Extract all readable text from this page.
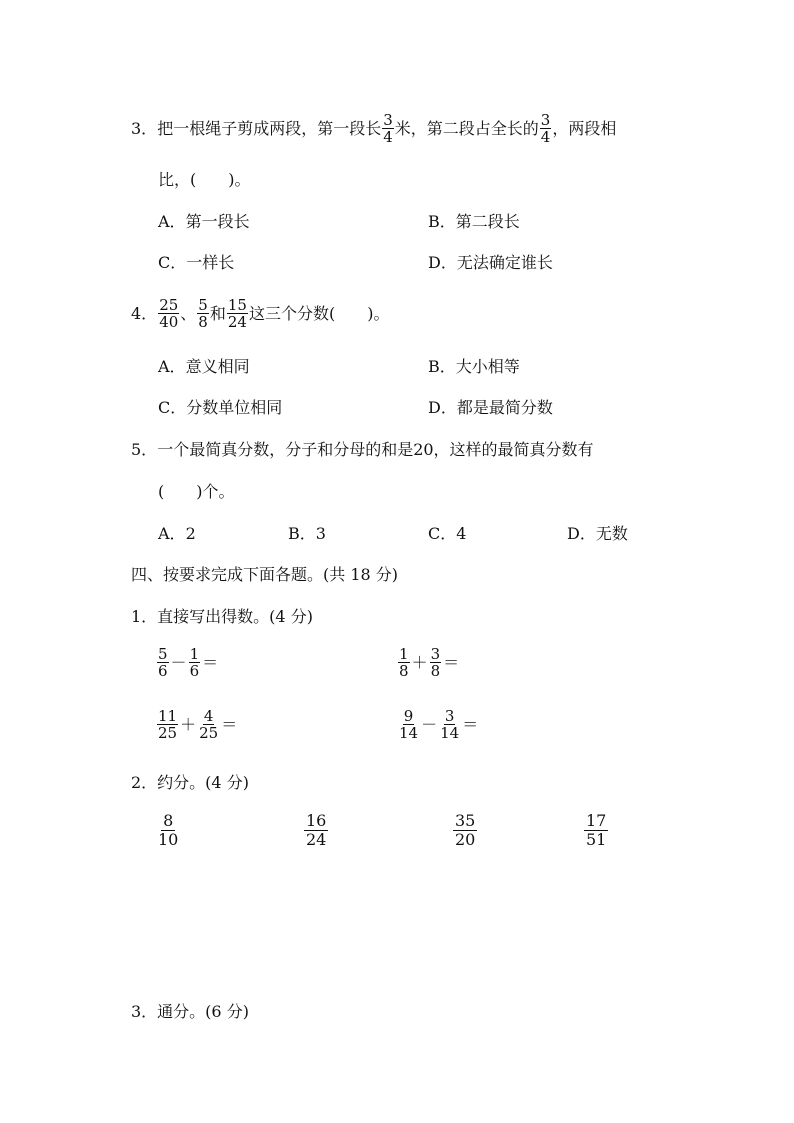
3． 把一根绳子剪成两段，第一段长 $\frac{3}{4}$ 米，第二段占全长的 $\frac{3}{4}$ ，两段相
比，( )。
A．第一段长	B．第二段长
C．一样长	D．无法确定谁长
4． $\frac{25}{40}$ 、 $\frac{5}{8}$ 和 $\frac{15}{24}$ 这三个分数( )。
A．意义相同	B．大小相等
C．分数单位相同	D．都是最简分数
5． 一个最简真分数，分子和分母的和是20，这样的最简真分数有
( )个。
A．2	B．3	C．4	D．无数
四、按要求完成下面各题。(共 18 分)
1．直接写出得数。(4 分)
$\frac{5}{6} - \frac{1}{6}$ ＝	$\frac{1}{8} + \frac{3}{8}$ ＝
$\frac{11}{25} + \frac{4}{25}$ ＝	$\frac{9}{14} - \frac{3}{14}$ ＝
2．约分。(4 分)
$\frac{8}{10}$	$\frac{16}{24}$	$\frac{35}{20}$	$\frac{17}{51}$
3．通分。(6 分)
